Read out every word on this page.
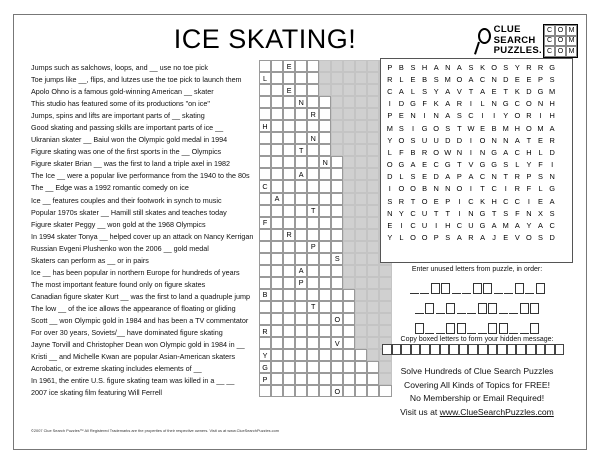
ICE SKATING!	CLUE
SEARCH
PUZZLES.
C O M
C O M
C O M
Jumps such as salchows, loops, and __ use no toe pick
Toe jumps like __, flips, and lutzes use the toe pick to launch them
Apolo Ohno is a famous gold-winning American __ skater
This studio has featured some of its productions "on ice"
Jumps, spins and lifts are important parts of __ skating
Good skating and passing skills are important parts of ice __
Ukranian skater __ Baiul won the Olympic gold medal in 1994
Figure skating was one of the first sports in the __ Olympics
Figure skater Brian __ was the first to land a triple axel in 1982
The Ice __ were a popular live performance from the 1940 to the 80s
The __ Edge was a 1992 romantic comedy on ice
Ice __ features couples and their footwork in synch to music
Popular 1970s skater __ Hamill still skates and teaches today
Figure skater Peggy __ won gold at the 1968 Olympics
In 1994 skater Tonya __ helped cover up an attack on Nancy Kerrigan
Russian Evgeni Plushenko won the 2006 __ gold medal
Skaters can perform as __ or in pairs
Ice __ has been popular in northern Europe for hundreds of years
The most important feature found only on figure skates
Canadian figure skater Kurt __ was the first to land a quadruple jump
The low __ of the ice allows the appearance of floating or gliding
Scott __ won Olympic gold in 1984 and has been a TV commentator
For over 30 years, Soviets/__ have dominated figure skating
Jayne Torvill and Christopher Dean won Olympic gold in 1984 in __
Kristi __ and Michelle Kwan are popular Asian-American skaters
Acrobatic, or extreme skating includes elements of __
In 1961, the entire U.S. figure skating team was killed in a __ __
2007 ice skating film featuring Will Ferrell
E
L
E
N
R
H
N
T
N
A
C
A
T
F
R
P
S
A
P
B
T
O
R
V
Y
G
P
O
P B S H A N A S K O S Y R R G
R L E B S M O A C N D E E P S
C A L S Y A V T A E T K D G M
I	D G F K A R	I	L N G C O N H
P E N	I	N A S C	I	I	Y O R	I	H
M S	I	G O S T W E B M H O M A
Y O S U U D D	I	O N N A T E R
L F B R O W N	I	N G A C H L D
O G A E C G T V G G S L Y F	I
D L S E D A P A C N T R P S N
I	O O B N N O	I	T C	I	R F L G
S R T O E P	I	C K H C C	I	E A
N Y C U T T	I	N G T S F N X S
E	I	C U	I	H C U G A M A Y A C
Y L O O P S A R A J E V O S D
Enter unused letters from puzzle, in order:
Copy boxed letters to form your hidden message:
Solve Hundreds of Clue Search Puzzles
Covering All Kinds of Topics for FREE!
No Membership or Email Required!
Visit us at www.ClueSearchPuzzles.com
©2007 Clue Search Puzzles™ All Registered Trademarks are the properties of their respective owners. Visit us at www.ClueSearchPuzzles.com
